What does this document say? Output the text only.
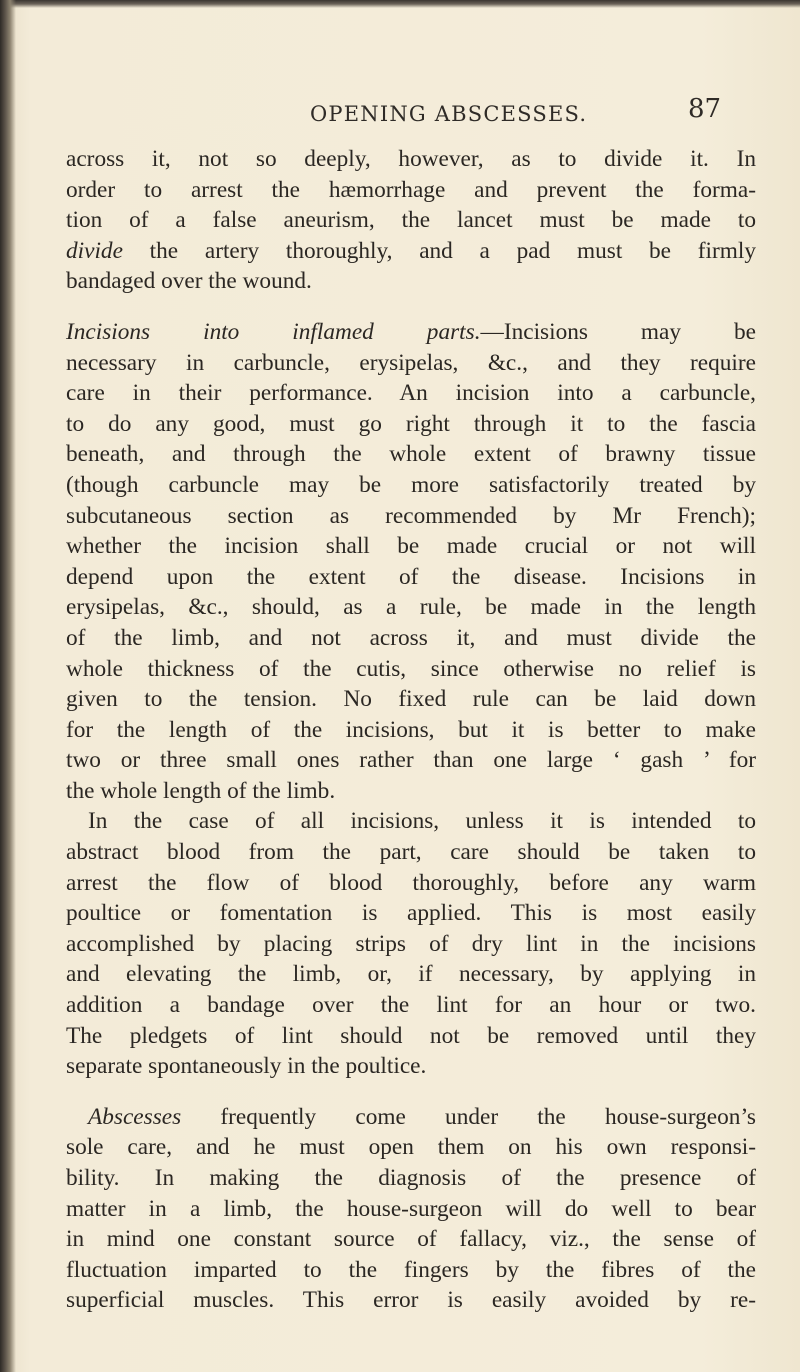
OPENING ABSCESSES.	87
across it, not so deeply, however, as to divide it. In
order to arrest the hæmorrhage and prevent the forma-
tion of a false aneurism, the lancet must be made to
divide the artery thoroughly, and a pad must be firmly
bandaged over the wound.
Incisions into inflamed parts.—Incisions may be
necessary in carbuncle, erysipelas, &c., and they require
care in their performance. An incision into a carbuncle,
to do any good, must go right through it to the fascia
beneath, and through the whole extent of brawny tissue
(though carbuncle may be more satisfactorily treated by
subcutaneous section as recommended by Mr French);
whether the incision shall be made crucial or not will
depend upon the extent of the disease. Incisions in
erysipelas, &c., should, as a rule, be made in the length
of the limb, and not across it, and must divide the
whole thickness of the cutis, since otherwise no relief is
given to the tension. No fixed rule can be laid down
for the length of the incisions, but it is better to make
two or three small ones rather than one large ‘ gash ’ for
the whole length of the limb.
In the case of all incisions, unless it is intended to
abstract blood from the part, care should be taken to
arrest the flow of blood thoroughly, before any warm
poultice or fomentation is applied. This is most easily
accomplished by placing strips of dry lint in the incisions
and elevating the limb, or, if necessary, by applying in
addition a bandage over the lint for an hour or two.
The pledgets of lint should not be removed until they
separate spontaneously in the poultice.
Abscesses frequently come under the house-surgeon’s
sole care, and he must open them on his own responsi-
bility. In making the diagnosis of the presence of
matter in a limb, the house-surgeon will do well to bear
in mind one constant source of fallacy, viz., the sense of
fluctuation imparted to the fingers by the fibres of the
superficial muscles. This error is easily avoided by re-
